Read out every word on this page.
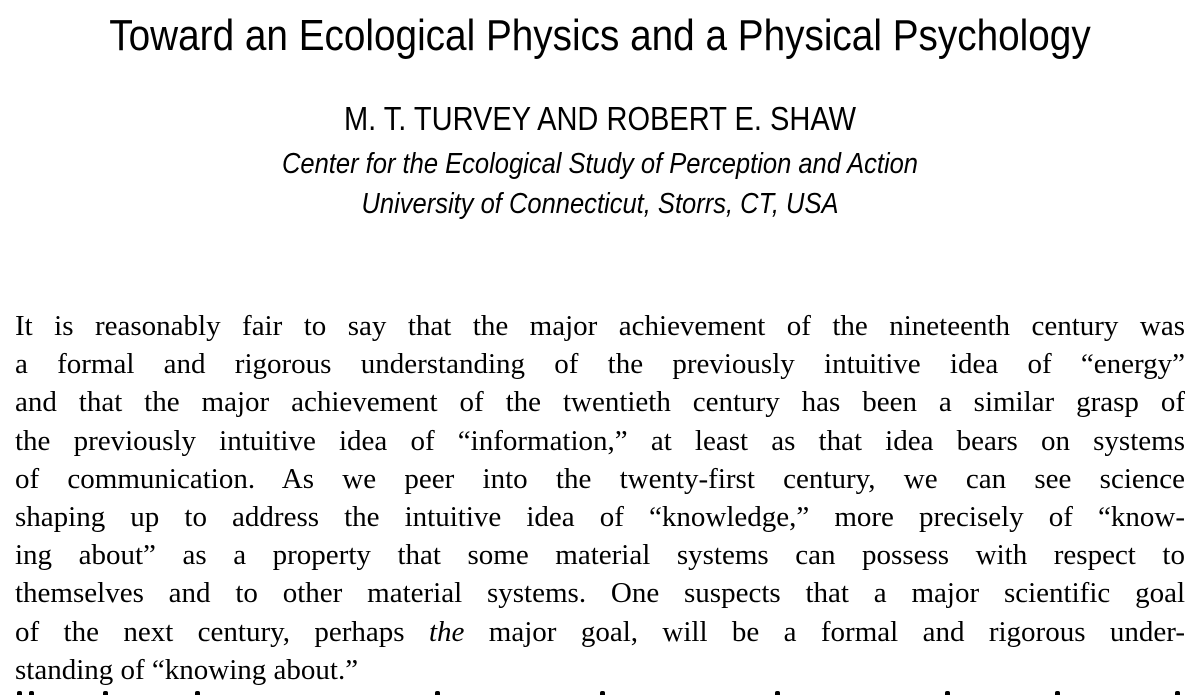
Toward an Ecological Physics and a Physical Psychology
M. T. TURVEY AND ROBERT E. SHAW
Center for the Ecological Study of Perception and Action
University of Connecticut, Storrs, CT, USA
It is reasonably fair to say that the major achievement of the nineteenth century was
a formal and rigorous understanding of the previously intuitive idea of “energy”
and that the major achievement of the twentieth century has been a similar grasp of
the previously intuitive idea of “information,” at least as that idea bears on systems
of communication. As we peer into the twenty-first century, we can see science
shaping up to address the intuitive idea of “knowledge,” more precisely of “know-
ing about” as a property that some material systems can possess with respect to
themselves and to other material systems. One suspects that a major scientific goal
of the next century, perhaps the major goal, will be a formal and rigorous under-
standing of “knowing about.”
